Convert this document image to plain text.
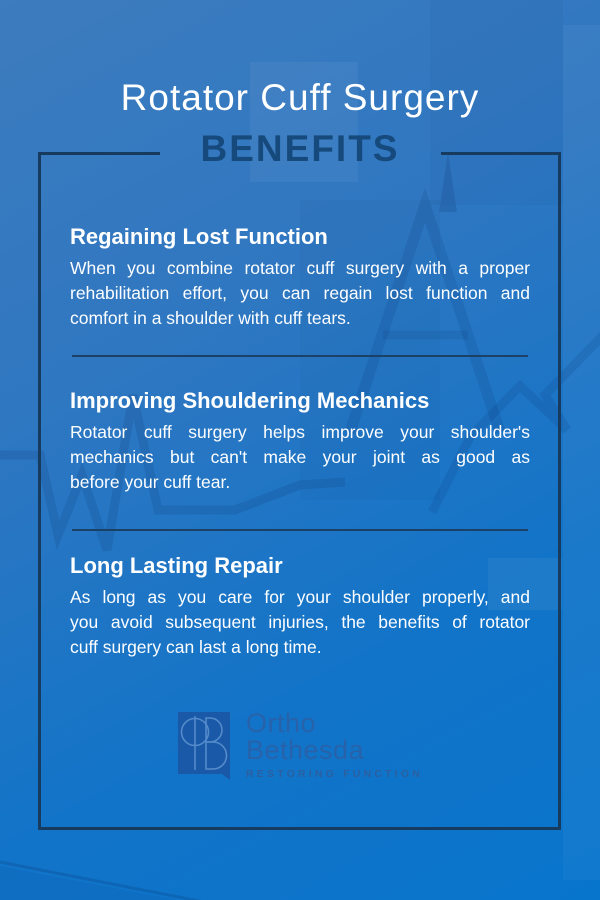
Rotator Cuff Surgery
BENEFITS
Regaining Lost Function
When you combine rotator cuff surgery with a proper
rehabilitation effort, you can regain lost function and
comfort in a shoulder with cuff tears.
Improving Shouldering Mechanics
Rotator cuff surgery helps improve your shoulder's
mechanics but can't make your joint as good as
before your cuff tear.
Long Lasting Repair
As long as you care for your shoulder properly, and
you avoid subsequent injuries, the benefits of rotator
cuff surgery can last a long time.
Ortho
Bethesda
RESTORING FUNCTION
